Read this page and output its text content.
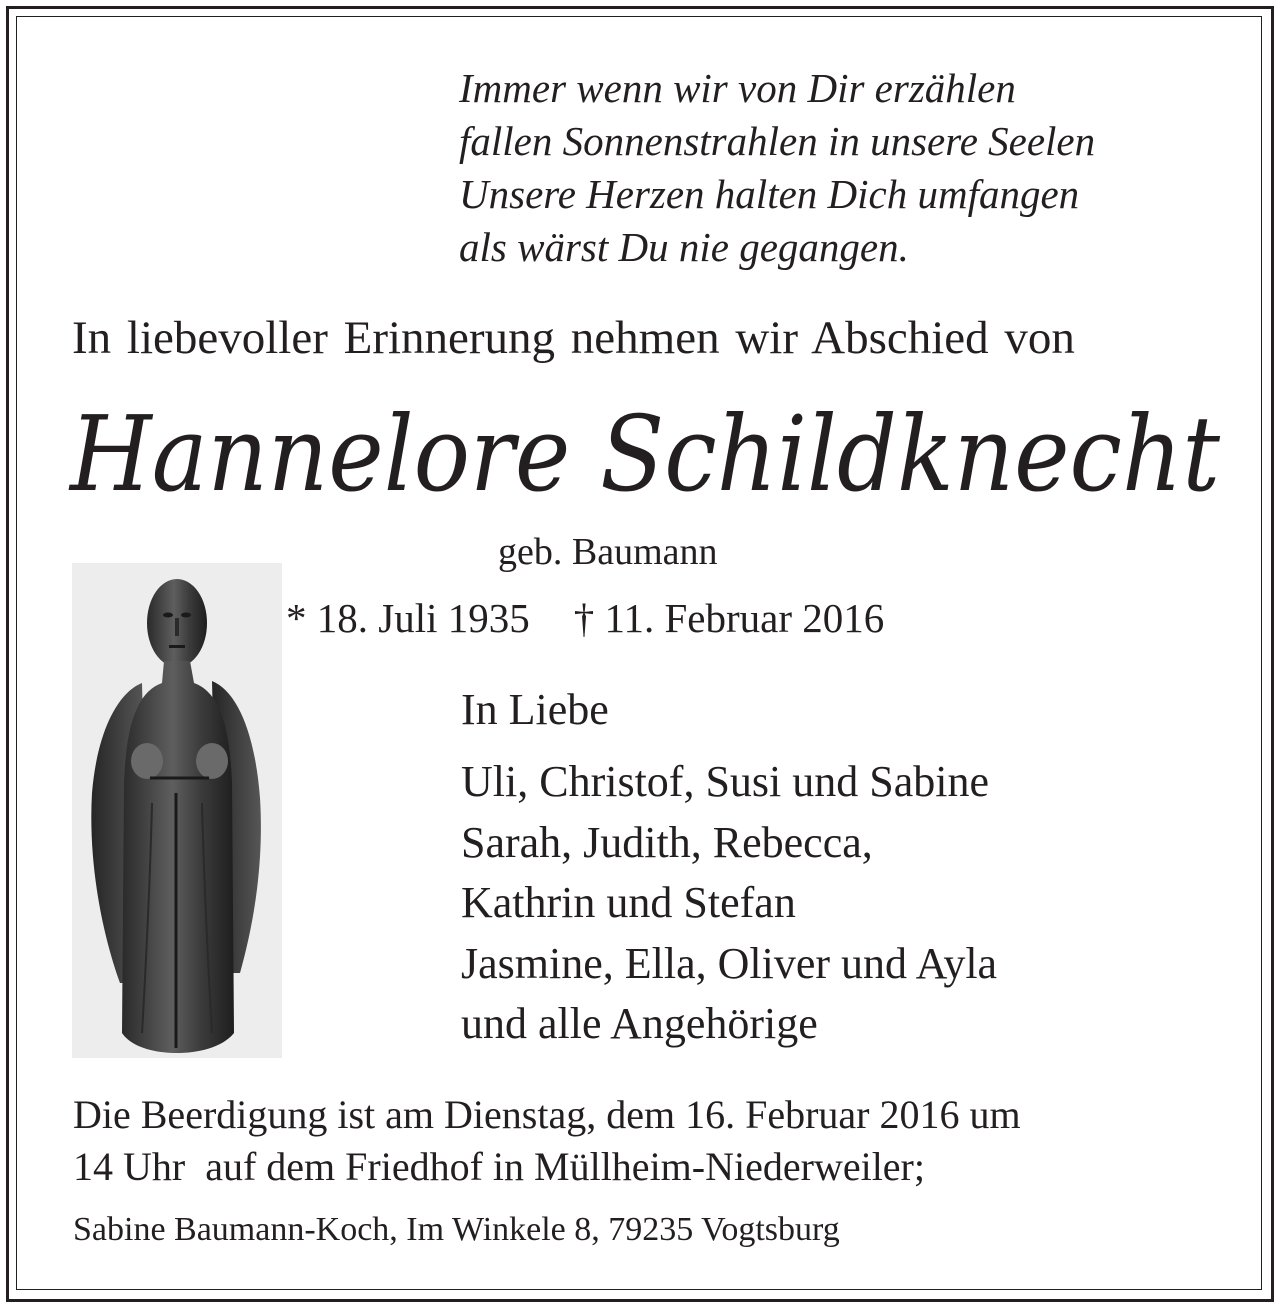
Immer wenn wir von Dir erzählen
fallen Sonnenstrahlen in unsere Seelen
Unsere Herzen halten Dich umfangen
als wärst Du nie gegangen.
In liebevoller Erinnerung nehmen wir Abschied von
Hannelore Schildknecht
geb. Baumann
* 18. Juli 1935 † 11. Februar 2016
In Liebe
Uli, Christof, Susi und Sabine
Sarah, Judith, Rebecca,
Kathrin und Stefan
Jasmine, Ella, Oliver und Ayla
und alle Angehörige
Die Beerdigung ist am Dienstag, dem 16. Februar 2016 um
14 Uhr  auf dem Friedhof in Müllheim-Niederweiler;
Sabine Baumann-Koch, Im Winkele 8, 79235 Vogtsburg
